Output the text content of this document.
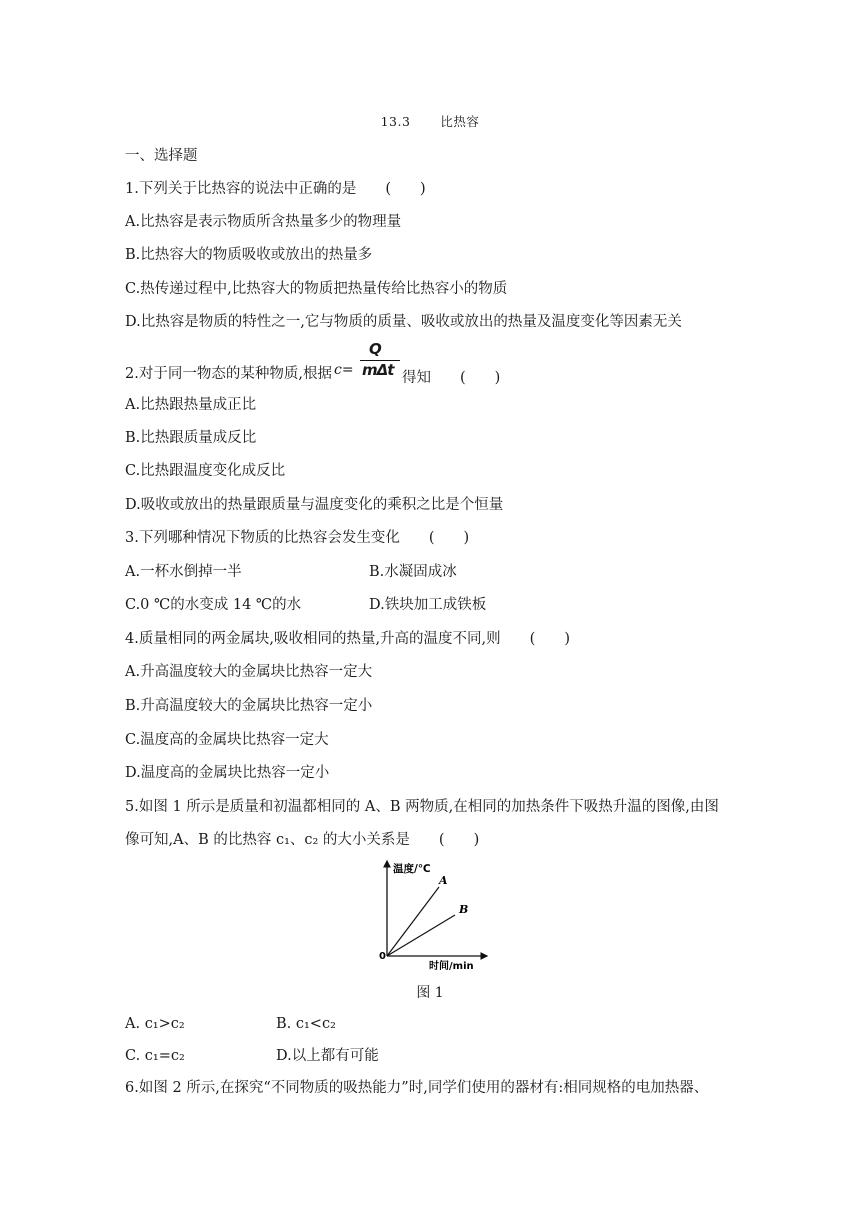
13.3 比热容
一、选择题
1.下列关于比热容的说法中正确的是　　(　　)
A.比热容是表示物质所含热量多少的物理量
B.比热容大的物质吸收或放出的热量多
C.热传递过程中,比热容大的物质把热量传给比热容小的物质
D.比热容是物质的特性之一,它与物质的质量、吸收或放出的热量及温度变化等因素无关
2.对于同一物态的某种物质,根据 c=
Q
mΔt 得知　　(　　)
A.比热跟热量成正比
B.比热跟质量成反比
C.比热跟温度变化成反比
D.吸收或放出的热量跟质量与温度变化的乘积之比是个恒量
3.下列哪种情况下物质的比热容会发生变化　　(　　)
A.一杯水倒掉一半	B.水凝固成冰
C.0 ℃的水变成 14 ℃的水	D.铁块加工成铁板
4.质量相同的两金属块,吸收相同的热量,升高的温度不同,则　　(　　)
A.升高温度较大的金属块比热容一定大
B.升高温度较大的金属块比热容一定小
C.温度高的金属块比热容一定大
D.温度高的金属块比热容一定小
5.如图 1 所示是质量和初温都相同的 A、B 两物质,在相同的加热条件下吸热升温的图像,由图
像可知,A、B 的比热容 c₁、c₂ 的大小关系是　　(　　)
温度/℃
时间/min
0
A
B
图 1
A. c₁>c₂	B. c₁<c₂
C. c₁=c₂	D.以上都有可能
6.如图 2 所示,在探究“不同物质的吸热能力”时,同学们使用的器材有:相同规格的电加热器、
